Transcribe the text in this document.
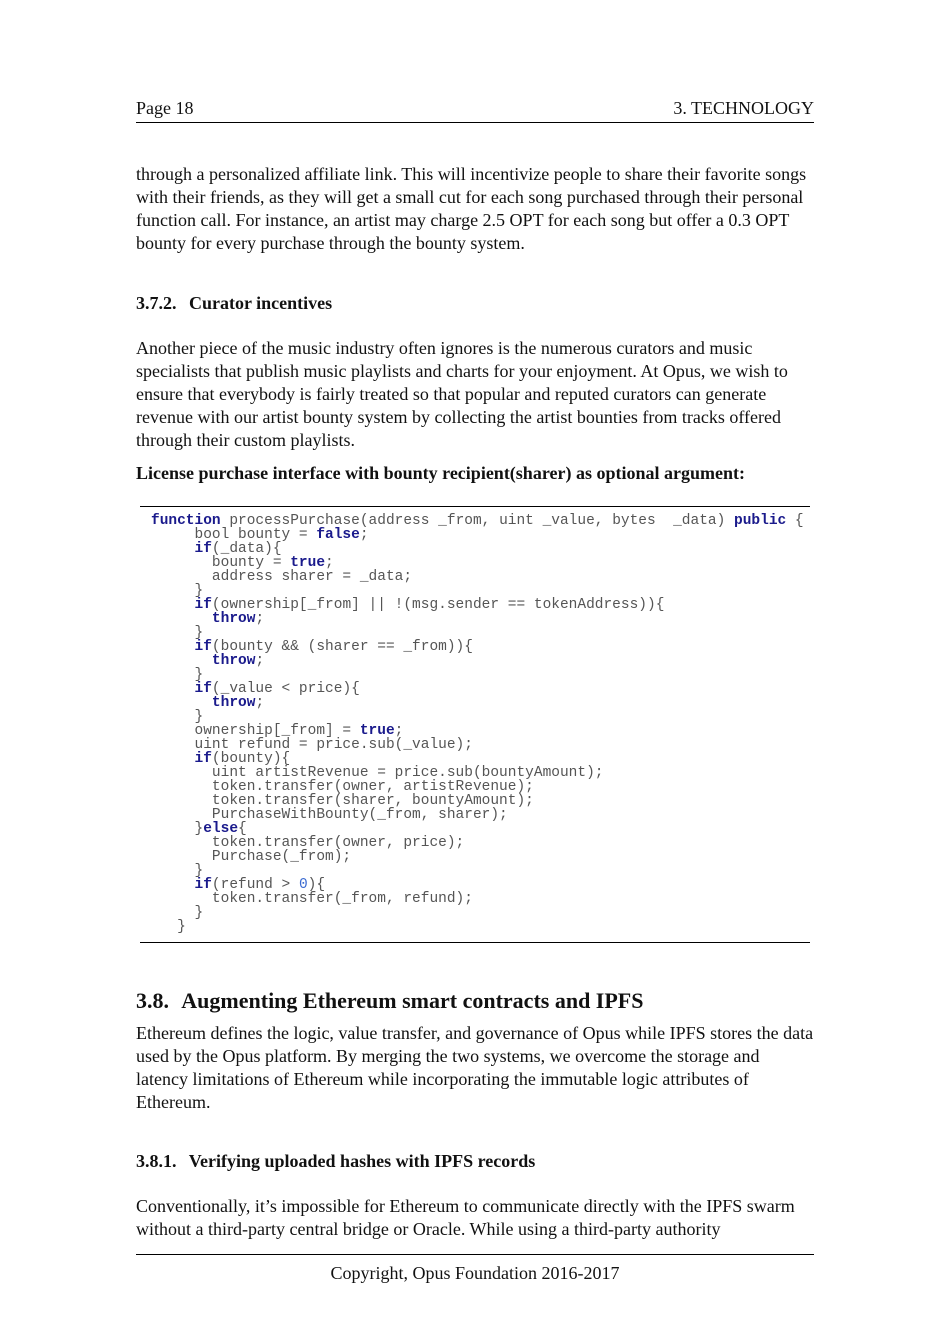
Page 18	3. TECHNOLOGY

through a personalized affiliate link. This will incentivize people to share their favorite songs with their friends, as they will get a small cut for each song purchased through their personal function call. For instance, an artist may charge 2.5 OPT for each song but offer a 0.3 OPT bounty for every purchase through the bounty system.

3.7.2. Curator incentives

Another piece of the music industry often ignores is the numerous curators and music specialists that publish music playlists and charts for your enjoyment. At Opus, we wish to ensure that everybody is fairly treated so that popular and reputed curators can generate revenue with our artist bounty system by collecting the artist bounties from tracks offered through their custom playlists.

License purchase interface with bounty recipient(sharer) as optional argument:

function processPurchase(address _from, uint _value, bytes  _data) public {
bool bounty = false;
if(_data){
bounty = true;
address sharer = _data;
}
if(ownership[_from] || !(msg.sender == tokenAddress)){
throw;
}
if(bounty && (sharer == _from)){
throw;
}
if(_value < price){
throw;
}
ownership[_from] = true;
uint refund = price.sub(_value);
if(bounty){
uint artistRevenue = price.sub(bountyAmount);
token.transfer(owner, artistRevenue);
token.transfer(sharer, bountyAmount);
PurchaseWithBounty(_from, sharer);
}else{
token.transfer(owner, price);
Purchase(_from);
}
if(refund > 0){
token.transfer(_from, refund);
}
}
3.8. Augmenting Ethereum smart contracts and IPFS

Ethereum defines the logic, value transfer, and governance of Opus while IPFS stores the data used by the Opus platform. By merging the two systems, we overcome the storage and latency limitations of Ethereum while incorporating the immutable logic attributes of Ethereum.

3.8.1. Verifying uploaded hashes with IPFS records

Conventionally, it’s impossible for Ethereum to communicate directly with the IPFS swarm without a third-party central bridge or Oracle. While using a third-party authority

Copyright, Opus Foundation 2016-2017
